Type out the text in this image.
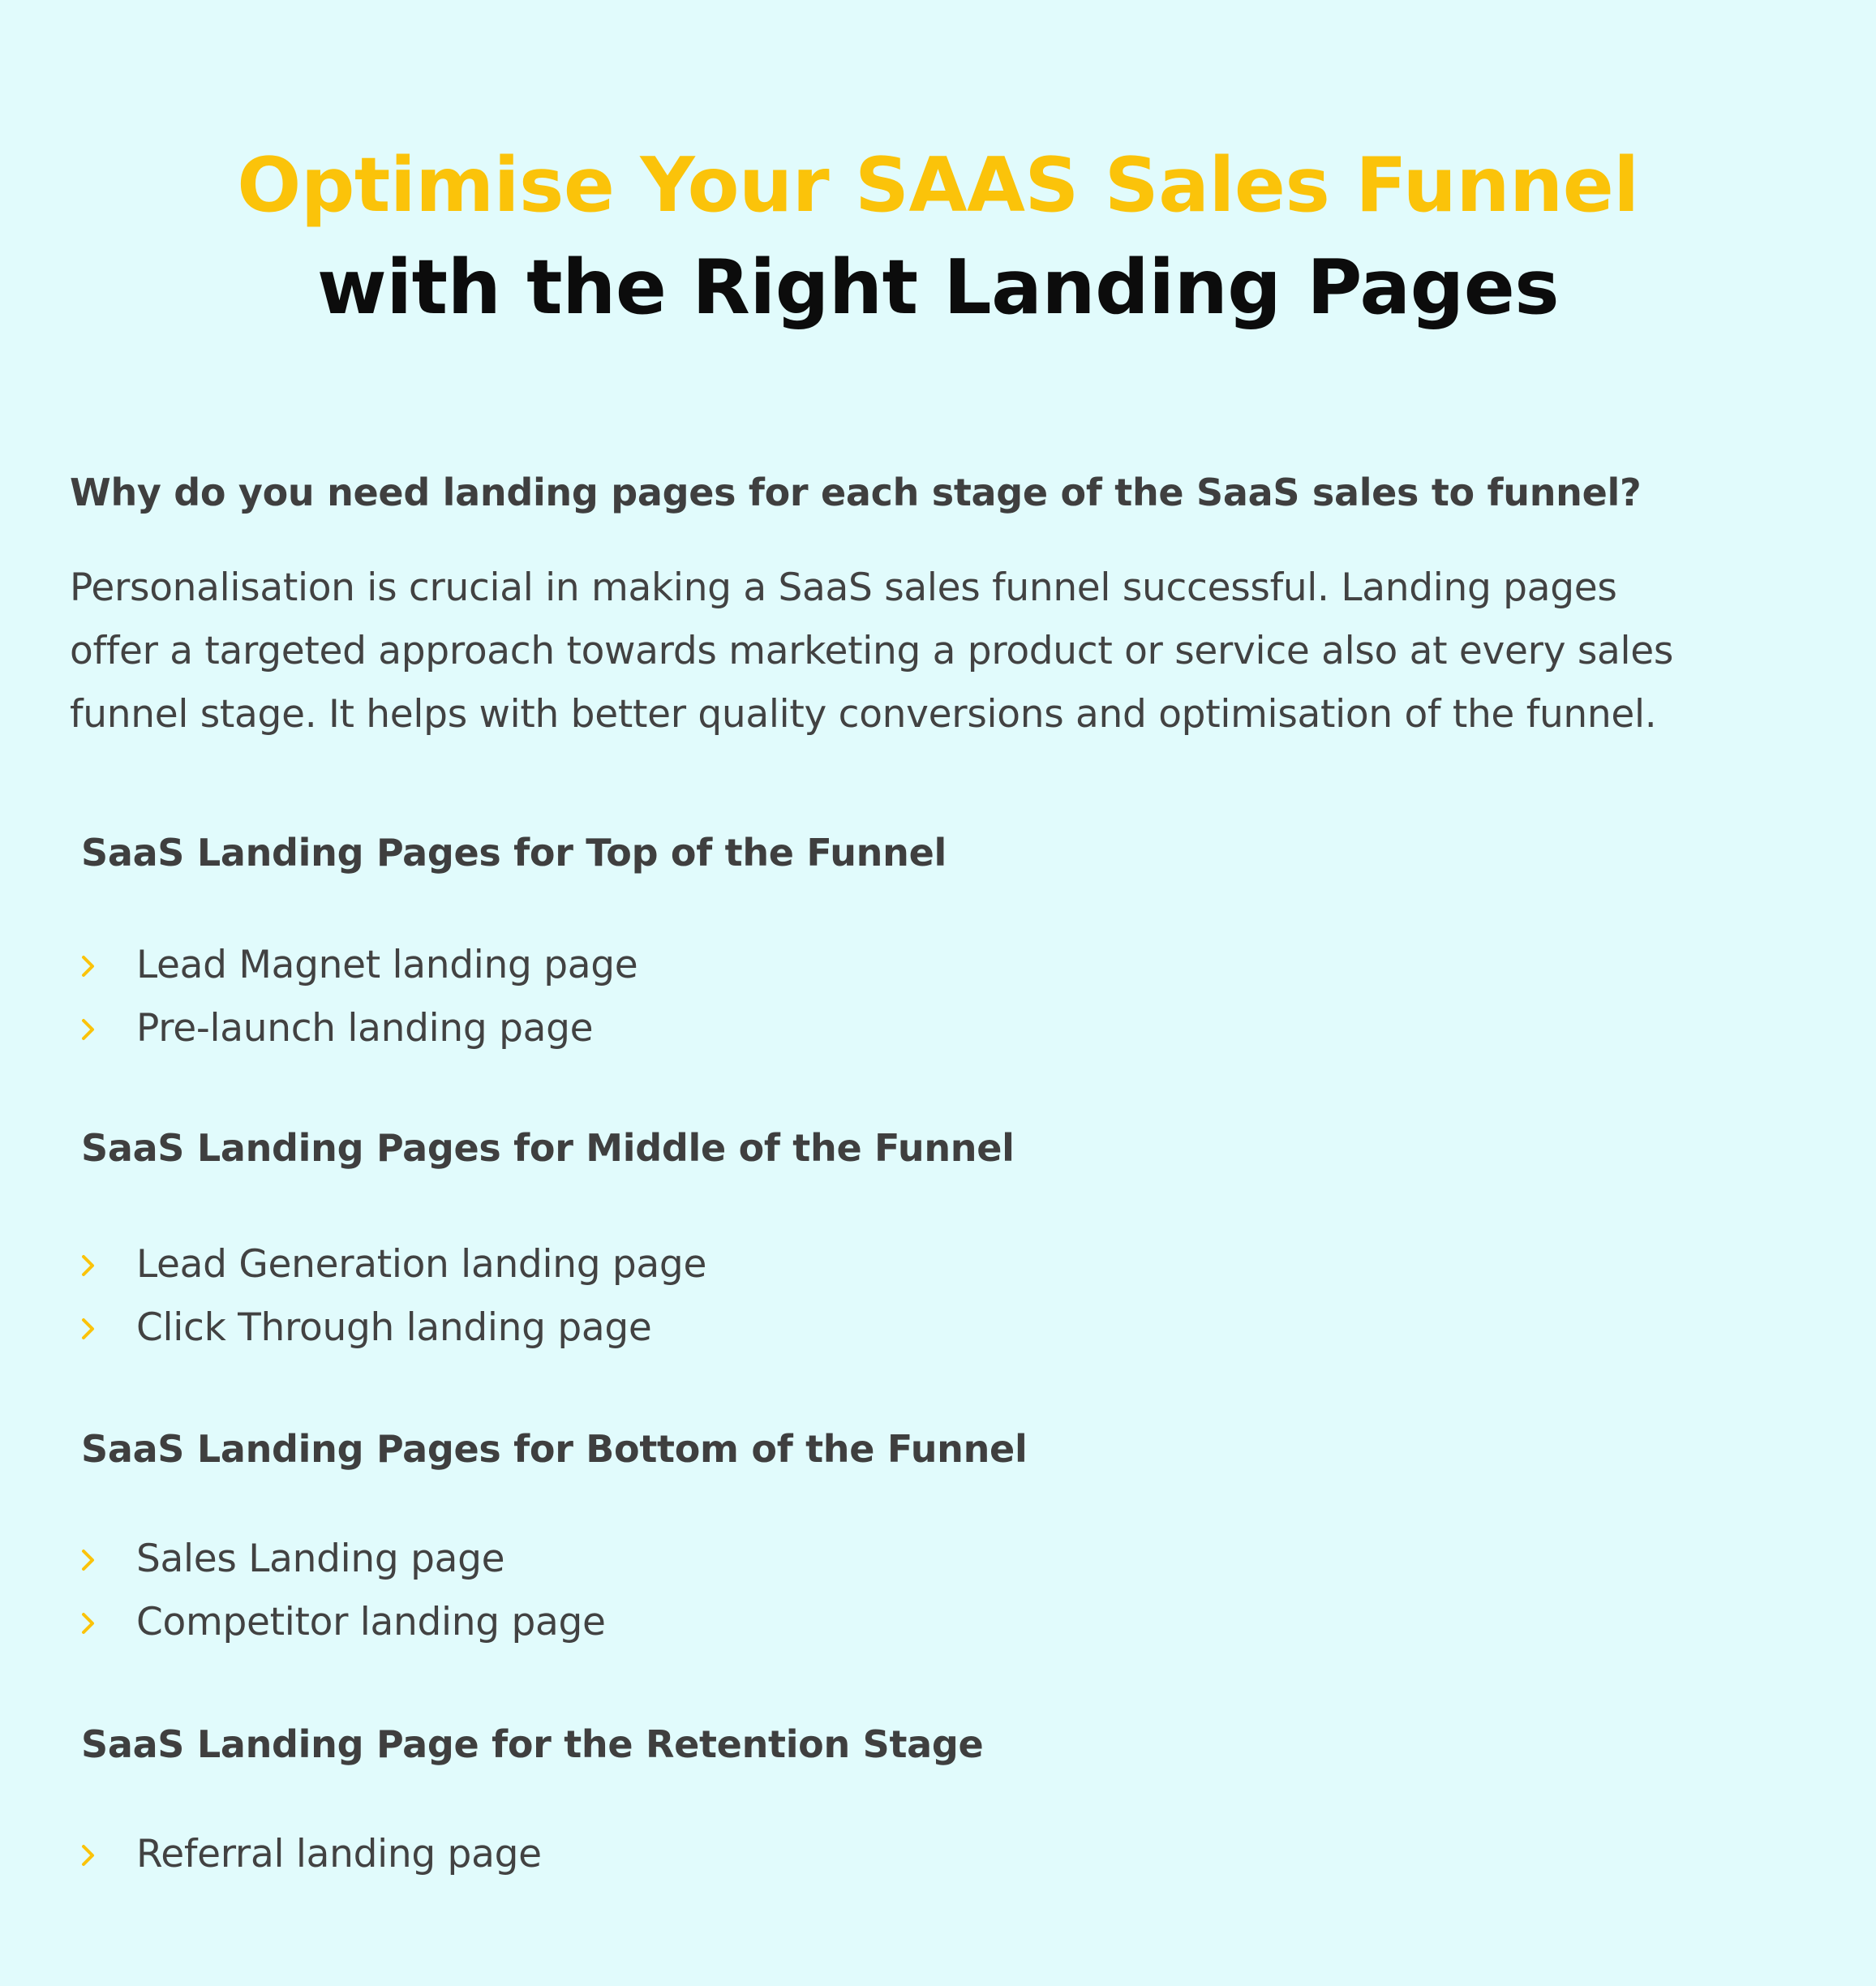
Optimise Your SAAS Sales Funnel
with the Right Landing Pages
Why do you need landing pages for each stage of the SaaS sales to funnel?

Personalisation is crucial in making a SaaS sales funnel successful. Landing pages
offer a targeted approach towards marketing a product or service also at every sales
funnel stage. It helps with better quality conversions and optimisation of the funnel.

SaaS Landing Pages for Top of the Funnel
Lead Magnet landing page
Pre-launch landing page
SaaS Landing Pages for Middle of the Funnel
Lead Generation landing page
Click Through landing page
SaaS Landing Pages for Bottom of the Funnel
Sales Landing page
Competitor landing page
SaaS Landing Page for the Retention Stage
Referral landing page
